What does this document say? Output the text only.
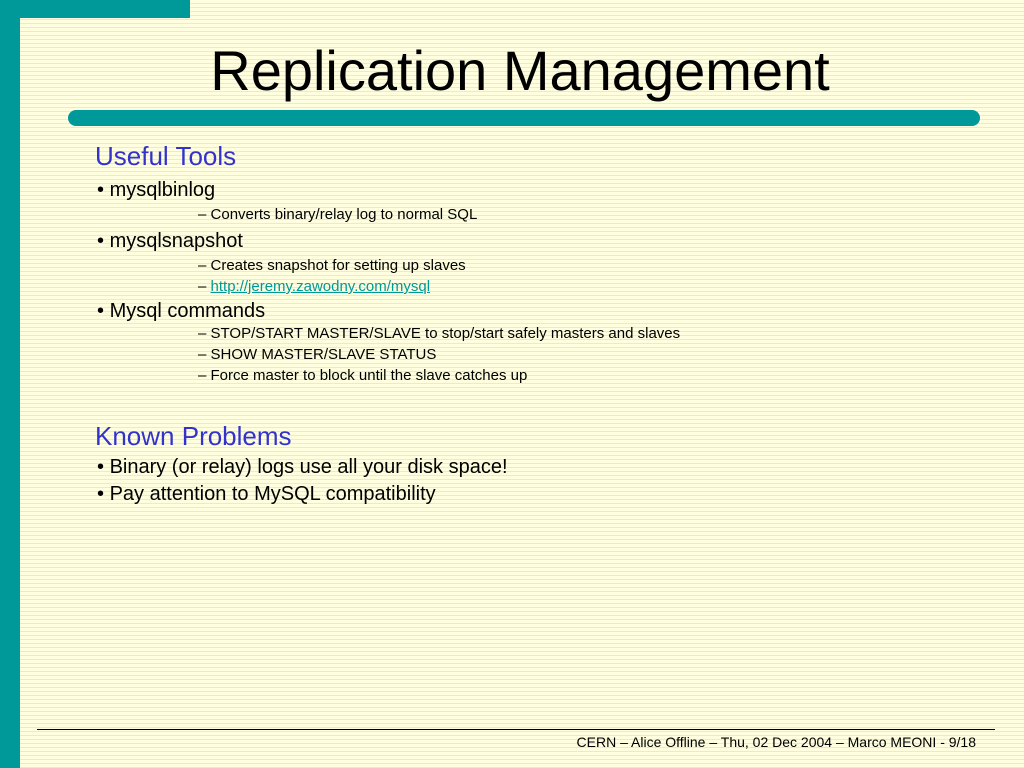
Replication Management
Useful Tools
• mysqlbinlog
– Converts binary/relay log to normal SQL
• mysqlsnapshot
– Creates snapshot for setting up slaves
– http://jeremy.zawodny.com/mysql
• Mysql commands
– STOP/START MASTER/SLAVE to stop/start safely masters and slaves
– SHOW MASTER/SLAVE STATUS
– Force master to block until the slave catches up
Known Problems
• Binary (or relay) logs use all your disk space!
• Pay attention to MySQL compatibility
CERN – Alice Offline – Thu, 02 Dec 2004 – Marco MEONI - 9/18
